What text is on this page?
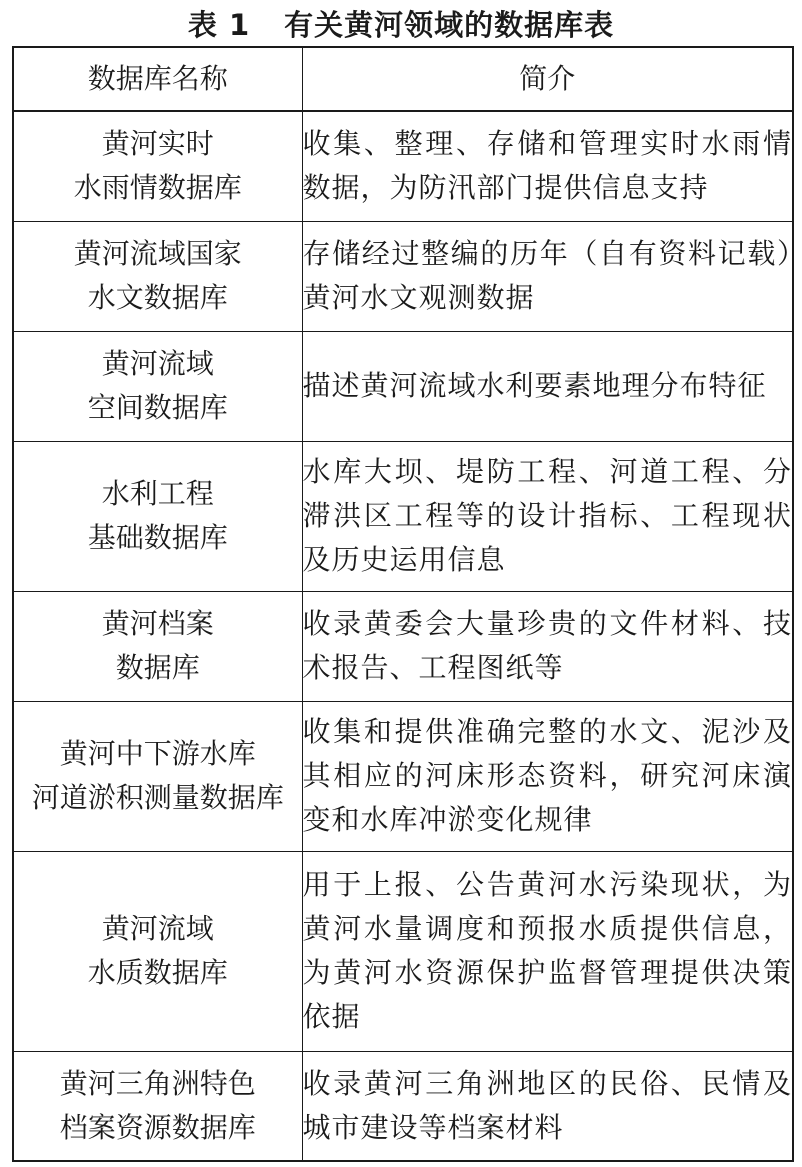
表 1 有关黄河领域的数据库表
数据库名称	简介

黄河实时
水雨情数据库	收集、整理、存储和管理实时水雨情数据，为防汛部门提供信息支持

黄河流域国家
水文数据库	存储经过整编的历年（自有资料记载）黄河水文观测数据

黄河流域
空间数据库	描述黄河流域水利要素地理分布特征

水利工程
基础数据库	水库大坝、堤防工程、河道工程、分滞洪区工程等的设计指标、工程现状及历史运用信息

黄河档案
数据库	收录黄委会大量珍贵的文件材料、技术报告、工程图纸等

黄河中下游水库
河道淤积测量数据库	收集和提供准确完整的水文、泥沙及其相应的河床形态资料，研究河床演变和水库冲淤变化规律

黄河流域
水质数据库	用于上报、公告黄河水污染现状，为黄河水量调度和预报水质提供信息，为黄河水资源保护监督管理提供决策依据

黄河三角洲特色
档案资源数据库	收录黄河三角洲地区的民俗、民情及城市建设等档案材料
